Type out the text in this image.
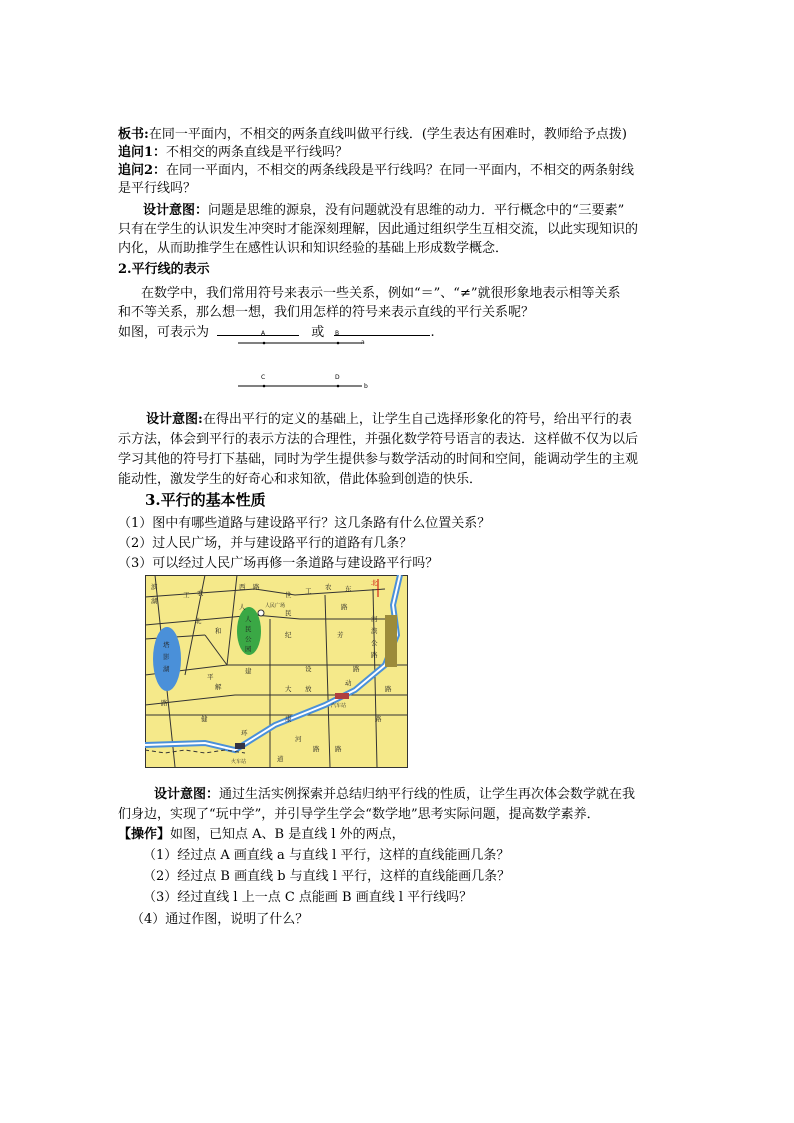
板书:在同一平面内，不相交的两条直线叫做平行线．(学生表达有困难时，教师给予点拨)
追问1：不相交的两条直线是平行线吗？
追问2：在同一平面内，不相交的两条线段是平行线吗？在同一平面内，不相交的两条射线
是平行线吗？
设计意图：问题是思维的源泉，没有问题就没有思维的动力．平行概念中的“三要素”
只有在学生的认识发生冲突时才能深刻理解，因此通过组织学生互相交流，以此实现知识的
内化，从而助推学生在感性认识和知识经验的基础上形成数学概念．
2.平行线的表示
在数学中，我们常用符号来表示一些关系，例如“＝”、“≠”就很形象地表示相等关系
和不等关系，那么想一想，我们用怎样的符号来表示直线的平行关系呢？
如图，可表示为	或	.
A	B
a
C	D
b
设计意图:在得出平行的定义的基础上，让学生自己选择形象化的符号，给出平行的表
示方法，体会到平行的表示方法的合理性，并强化数学符号语言的表达．这样做不仅为以后
学习其他的符号打下基础，同时为学生提供参与数学活动的时间和空间，能调动学生的主观
能动性，激发学生的好奇心和求知欲，借此体验到创造的快乐．
3.平行的基本性质
（1）图中有哪些道路与建设路平行？这几条路有什么位置关系？
（2）过人民广场，并与建设路平行的道路有几条？
（3）可以经过人民广场再修一条道路与建设路平行吗？
北
滨
湖
工 农
西 路
人
世
民
纪
工 农 东
路
北
和
人
民
公
园
人民广场
河
滨
公
路
塔
影
湖
芳
平
建	设	路
解	大 放
动
路
路
健	康
汽车站
路
环
河
路 路
道
火车站
设计意图：通过生活实例探索并总结归纳平行线的性质，让学生再次体会数学就在我
们身边，实现了“玩中学”，并引导学生学会“数学地”思考实际问题，提高数学素养．
【操作】如图，已知点 A、B 是直线 l 外的两点，
（1）经过点 A 画直线 a 与直线 l 平行，这样的直线能画几条？
（2）经过点 B 画直线 b 与直线 l 平行，这样的直线能画几条？
（3）经过直线 l 上一点 C 点能画 B 画直线 l 平行线吗？
（4）通过作图，说明了什么？
